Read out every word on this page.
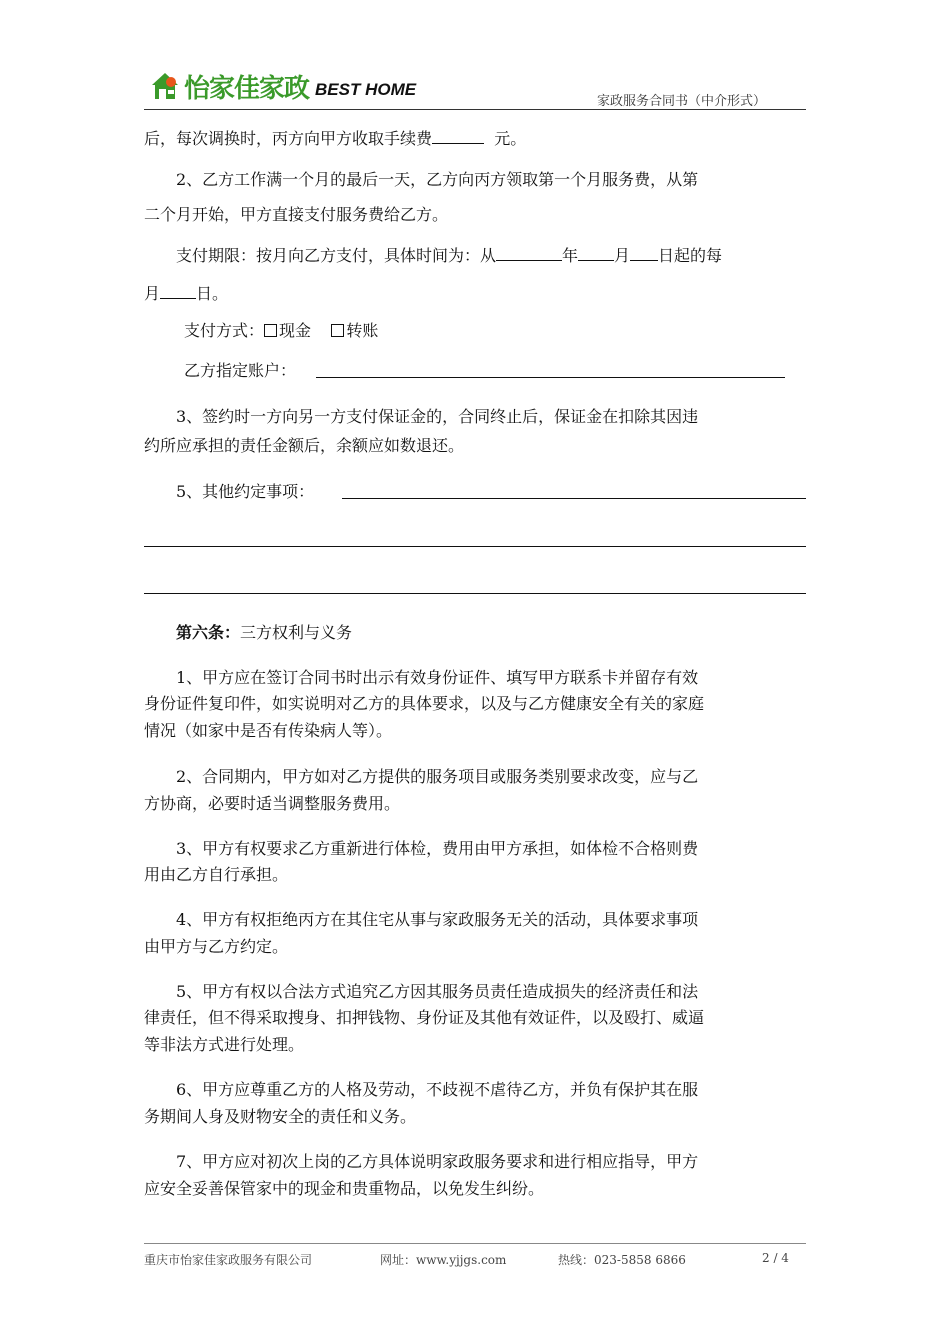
怡家佳家政 BEST HOME
家政服务合同书（中介形式）
后，每次调换时，丙方向甲方收取手续费	元。
2、乙方工作满一个月的最后一天，乙方向丙方领取第一个月服务费，从第
二个月开始，甲方直接支付服务费给乙方。
支付期限：按月向乙方支付，具体时间为：从	年 月 日起的每
月 日。
支付方式： 现金 转账
乙方指定账户：
3、签约时一方向另一方支付保证金的，合同终止后，保证金在扣除其因违
约所应承担的责任金额后，余额应如数退还。
5、其他约定事项：
第六条：三方权利与义务
1、甲方应在签订合同书时出示有效身份证件、填写甲方联系卡并留存有效
身份证件复印件，如实说明对乙方的具体要求，以及与乙方健康安全有关的家庭
情况（如家中是否有传染病人等）。
2、合同期内，甲方如对乙方提供的服务项目或服务类别要求改变，应与乙
方协商，必要时适当调整服务费用。
3、甲方有权要求乙方重新进行体检，费用由甲方承担，如体检不合格则费
用由乙方自行承担。
4、甲方有权拒绝丙方在其住宅从事与家政服务无关的活动，具体要求事项
由甲方与乙方约定。
5、甲方有权以合法方式追究乙方因其服务员责任造成损失的经济责任和法
律责任，但不得采取搜身、扣押钱物、身份证及其他有效证件，以及殴打、威逼
等非法方式进行处理。
6、甲方应尊重乙方的人格及劳动，不歧视不虐待乙方，并负有保护其在服
务期间人身及财物安全的责任和义务。
7、甲方应对初次上岗的乙方具体说明家政服务要求和进行相应指导，甲方
应安全妥善保管家中的现金和贵重物品，以免发生纠纷。
重庆市怡家佳家政服务有限公司	网址：www.yjjgs.com	热线：023-5858 6866	2 / 4
